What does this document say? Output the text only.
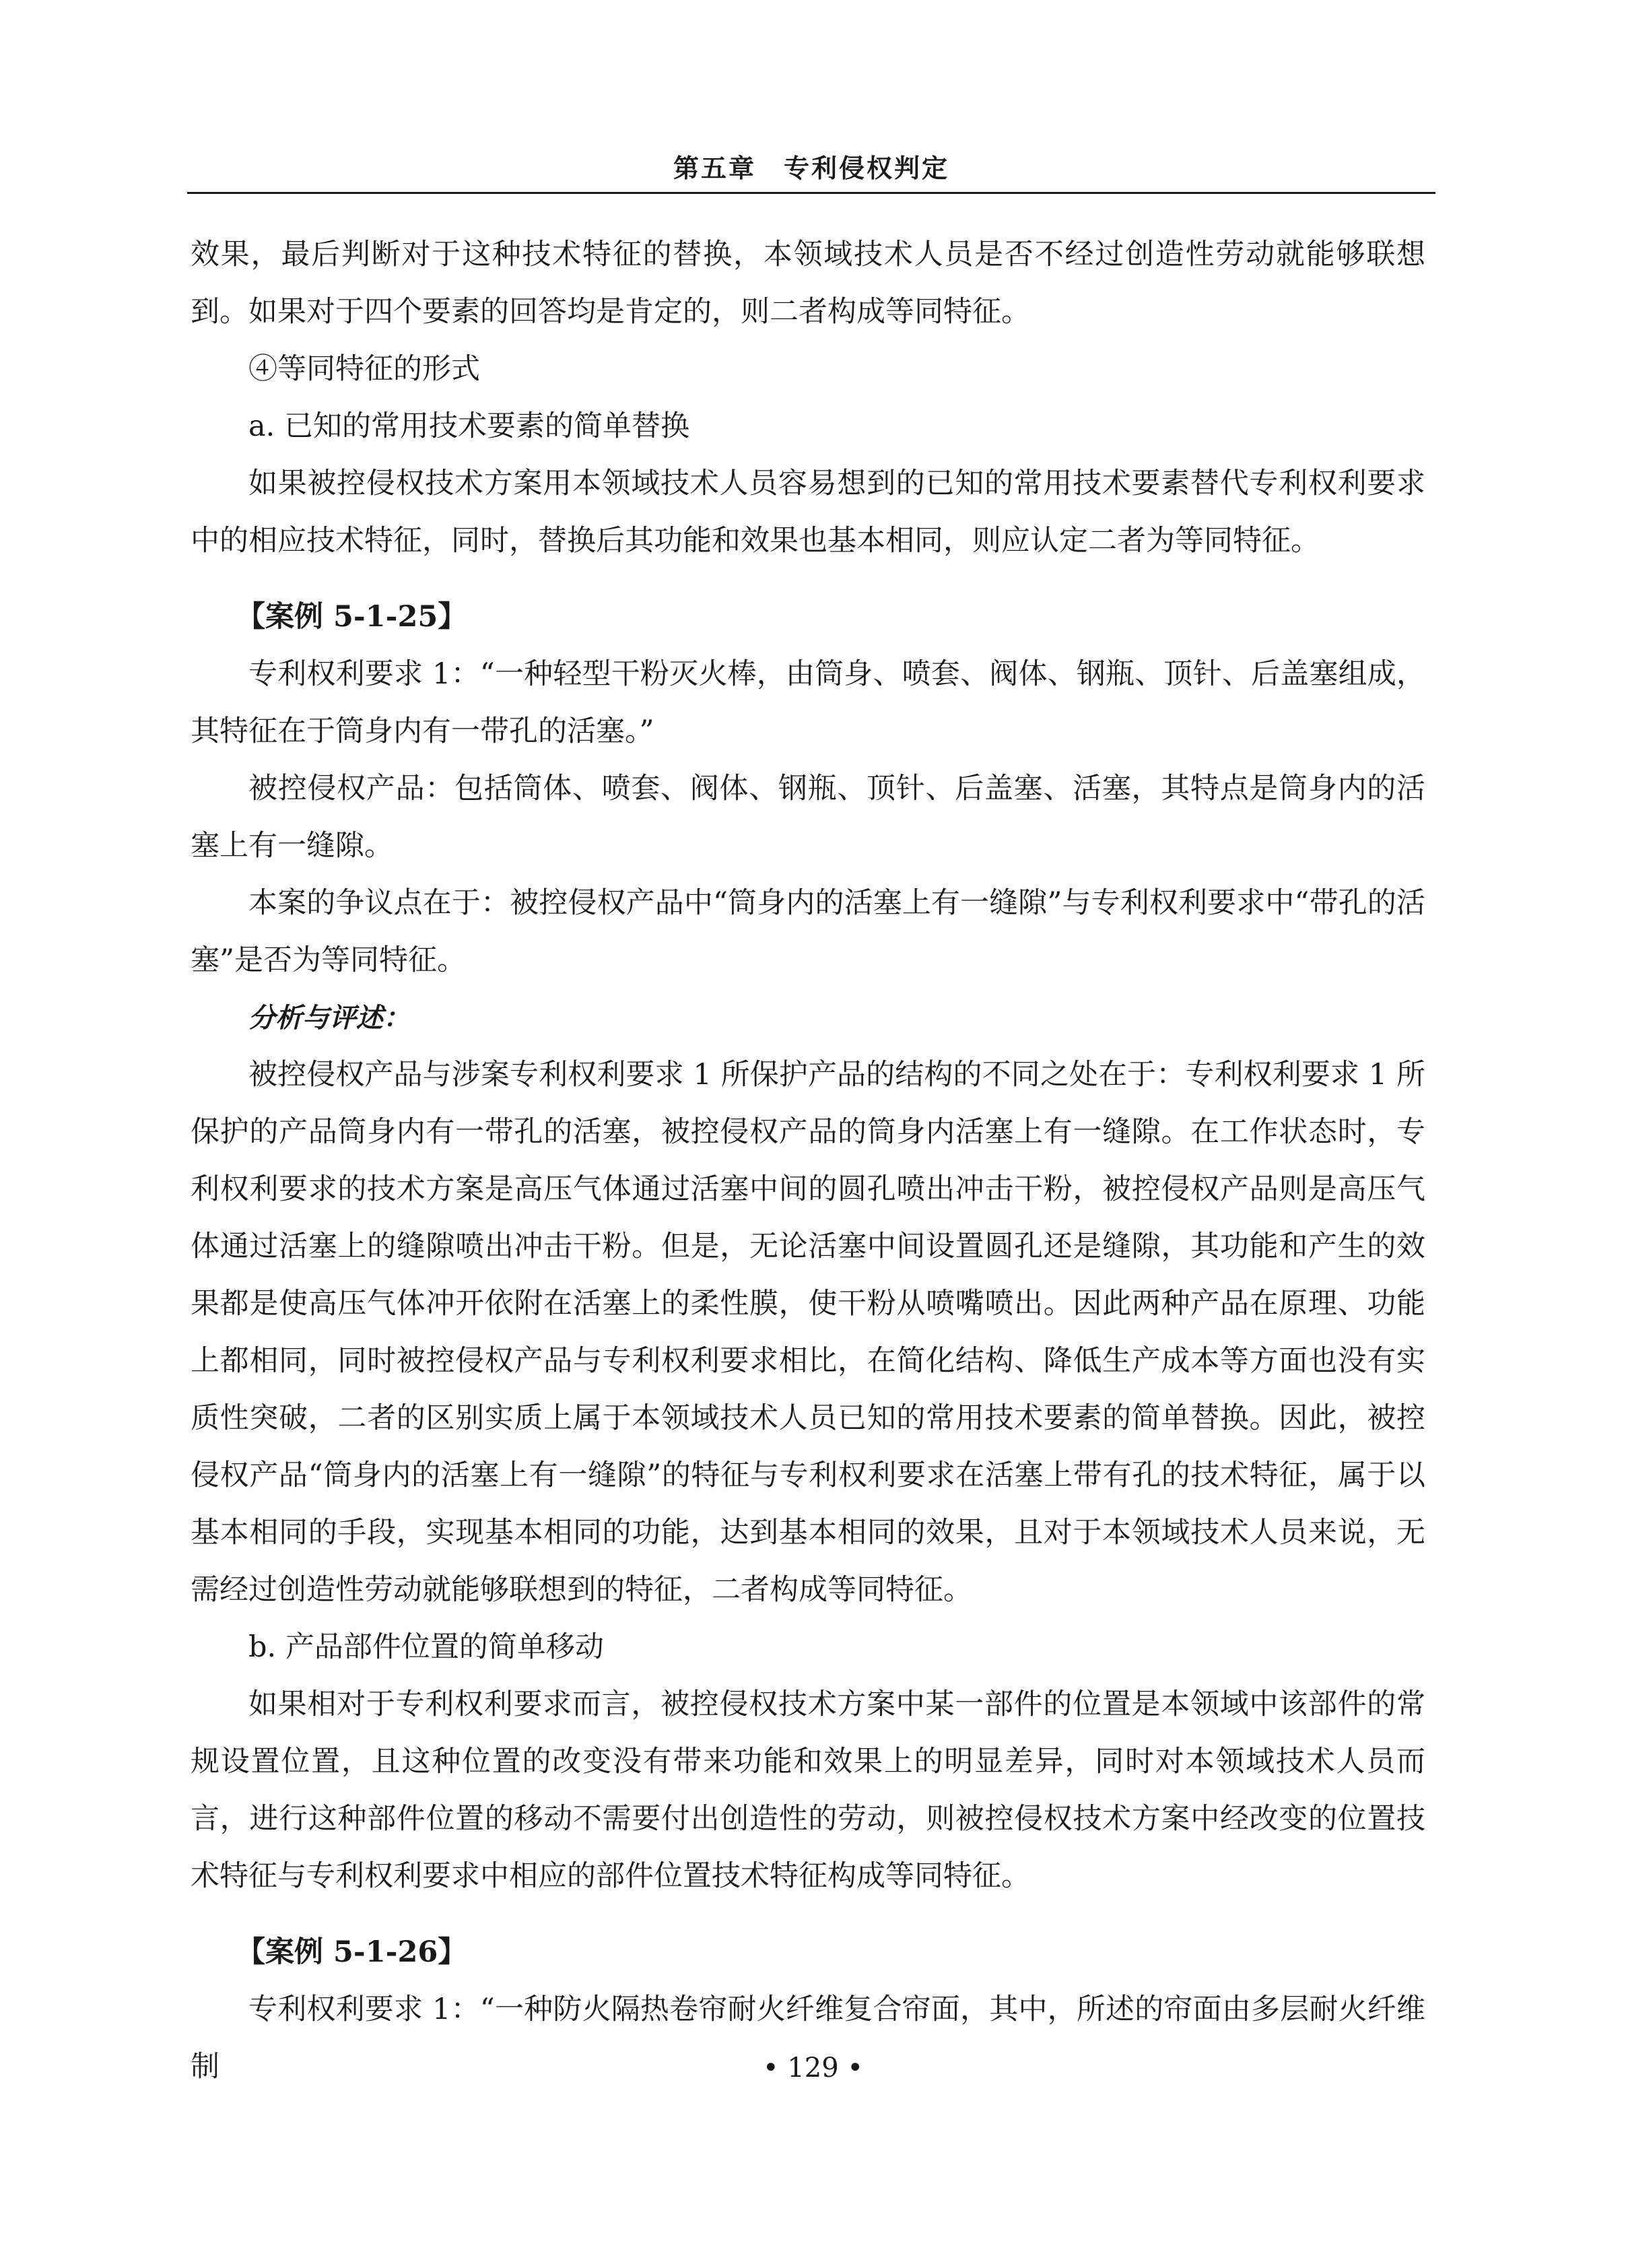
第五章　专利侵权判定

效果，最后判断对于这种技术特征的替换，本领域技术人员是否不经过创造性劳动就能够联想到。如果对于四个要素的回答均是肯定的，则二者构成等同特征。

④等同特征的形式

a. 已知的常用技术要素的简单替换

如果被控侵权技术方案用本领域技术人员容易想到的已知的常用技术要素替代专利权利要求中的相应技术特征，同时，替换后其功能和效果也基本相同，则应认定二者为等同特征。

【案例 5-1-25】

专利权利要求 1：“一种轻型干粉灭火棒，由筒身、喷套、阀体、钢瓶、顶针、后盖塞组成，其特征在于筒身内有一带孔的活塞。”

被控侵权产品：包括筒体、喷套、阀体、钢瓶、顶针、后盖塞、活塞，其特点是筒身内的活塞上有一缝隙。

本案的争议点在于：被控侵权产品中“筒身内的活塞上有一缝隙”与专利权利要求中“带孔的活塞”是否为等同特征。

分析与评述：

被控侵权产品与涉案专利权利要求 1 所保护产品的结构的不同之处在于：专利权利要求 1 所保护的产品筒身内有一带孔的活塞，被控侵权产品的筒身内活塞上有一缝隙。在工作状态时，专利权利要求的技术方案是高压气体通过活塞中间的圆孔喷出冲击干粉，被控侵权产品则是高压气体通过活塞上的缝隙喷出冲击干粉。但是，无论活塞中间设置圆孔还是缝隙，其功能和产生的效果都是使高压气体冲开依附在活塞上的柔性膜，使干粉从喷嘴喷出。因此两种产品在原理、功能上都相同，同时被控侵权产品与专利权利要求相比，在简化结构、降低生产成本等方面也没有实质性突破，二者的区别实质上属于本领域技术人员已知的常用技术要素的简单替换。因此，被控侵权产品“筒身内的活塞上有一缝隙”的特征与专利权利要求在活塞上带有孔的技术特征，属于以基本相同的手段，实现基本相同的功能，达到基本相同的效果，且对于本领域技术人员来说，无需经过创造性劳动就能够联想到的特征，二者构成等同特征。

b. 产品部件位置的简单移动

如果相对于专利权利要求而言，被控侵权技术方案中某一部件的位置是本领域中该部件的常规设置位置，且这种位置的改变没有带来功能和效果上的明显差异，同时对本领域技术人员而言，进行这种部件位置的移动不需要付出创造性的劳动，则被控侵权技术方案中经改变的位置技术特征与专利权利要求中相应的部件位置技术特征构成等同特征。

【案例 5-1-26】

专利权利要求 1：“一种防火隔热卷帘耐火纤维复合帘面，其中，所述的帘面由多层耐火纤维制	• 129 •
